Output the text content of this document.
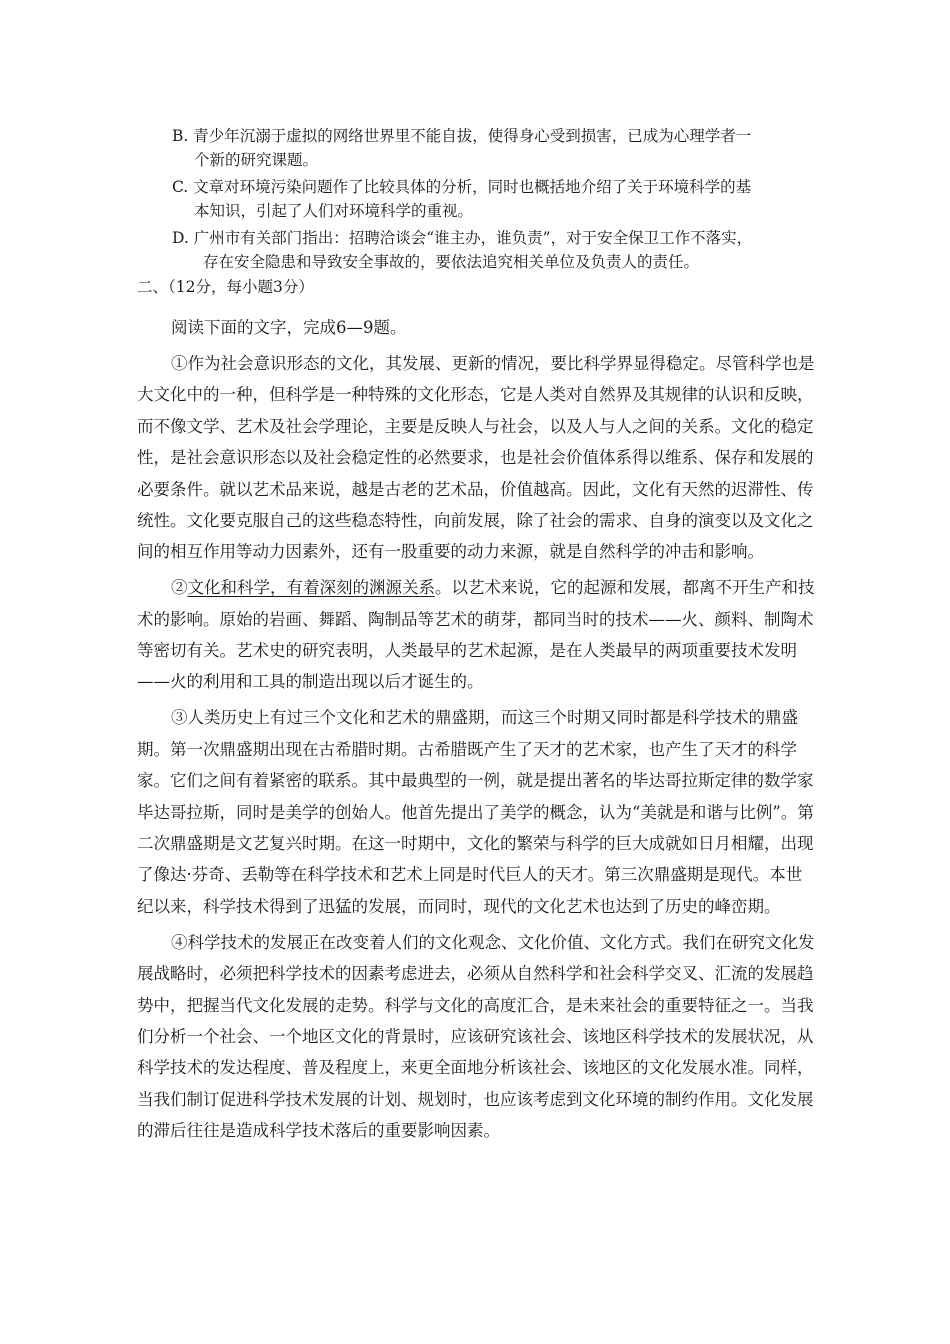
B. 青少年沉溺于虚拟的网络世界里不能自拔，使得身心受到损害，已成为心理学者一
个新的研究课题。
C. 文章对环境污染问题作了比较具体的分析，同时也概括地介绍了关于环境科学的基
本知识，引起了人们对环境科学的重视。
D. 广州市有关部门指出：招聘洽谈会“谁主办，谁负责”，对于安全保卫工作不落实，
存在安全隐患和导致安全事故的，要依法追究相关单位及负责人的责任。
二、（12分，每小题3分）

阅读下面的文字，完成6—9题。

①作为社会意识形态的文化，其发展、更新的情况，要比科学界显得稳定。尽管科学也是大文化中的一种，但科学是一种特殊的文化形态，它是人类对自然界及其规律的认识和反映，而不像文学、艺术及社会学理论，主要是反映人与社会，以及人与人之间的关系。文化的稳定性，是社会意识形态以及社会稳定性的必然要求，也是社会价值体系得以维系、保存和发展的必要条件。就以艺术品来说，越是古老的艺术品，价值越高。因此，文化有天然的迟滞性、传统性。文化要克服自己的这些稳态特性，向前发展，除了社会的需求、自身的演变以及文化之间的相互作用等动力因素外，还有一股重要的动力来源，就是自然科学的冲击和影响。

②文化和科学，有着深刻的渊源关系。以艺术来说，它的起源和发展，都离不开生产和技术的影响。原始的岩画、舞蹈、陶制品等艺术的萌芽，都同当时的技术——火、颜料、制陶术等密切有关。艺术史的研究表明，人类最早的艺术起源，是在人类最早的两项重要技术发明——火的利用和工具的制造出现以后才诞生的。

③人类历史上有过三个文化和艺术的鼎盛期，而这三个时期又同时都是科学技术的鼎盛期。第一次鼎盛期出现在古希腊时期。古希腊既产生了天才的艺术家，也产生了天才的科学家。它们之间有着紧密的联系。其中最典型的一例，就是提出著名的毕达哥拉斯定律的数学家毕达哥拉斯，同时是美学的创始人。他首先提出了美学的概念，认为“美就是和谐与比例”。第二次鼎盛期是文艺复兴时期。在这一时期中，文化的繁荣与科学的巨大成就如日月相耀，出现了像达·芬奇、丢勒等在科学技术和艺术上同是时代巨人的天才。第三次鼎盛期是现代。本世纪以来，科学技术得到了迅猛的发展，而同时，现代的文化艺术也达到了历史的峰峦期。

④科学技术的发展正在改变着人们的文化观念、文化价值、文化方式。我们在研究文化发展战略时，必须把科学技术的因素考虑进去，必须从自然科学和社会科学交叉、汇流的发展趋势中，把握当代文化发展的走势。科学与文化的高度汇合，是未来社会的重要特征之一。当我们分析一个社会、一个地区文化的背景时，应该研究该社会、该地区科学技术的发展状况，从科学技术的发达程度、普及程度上，来更全面地分析该社会、该地区的文化发展水准。同样，当我们制订促进科学技术发展的计划、规划时，也应该考虑到文化环境的制约作用。文化发展的滞后往往是造成科学技术落后的重要影响因素。
